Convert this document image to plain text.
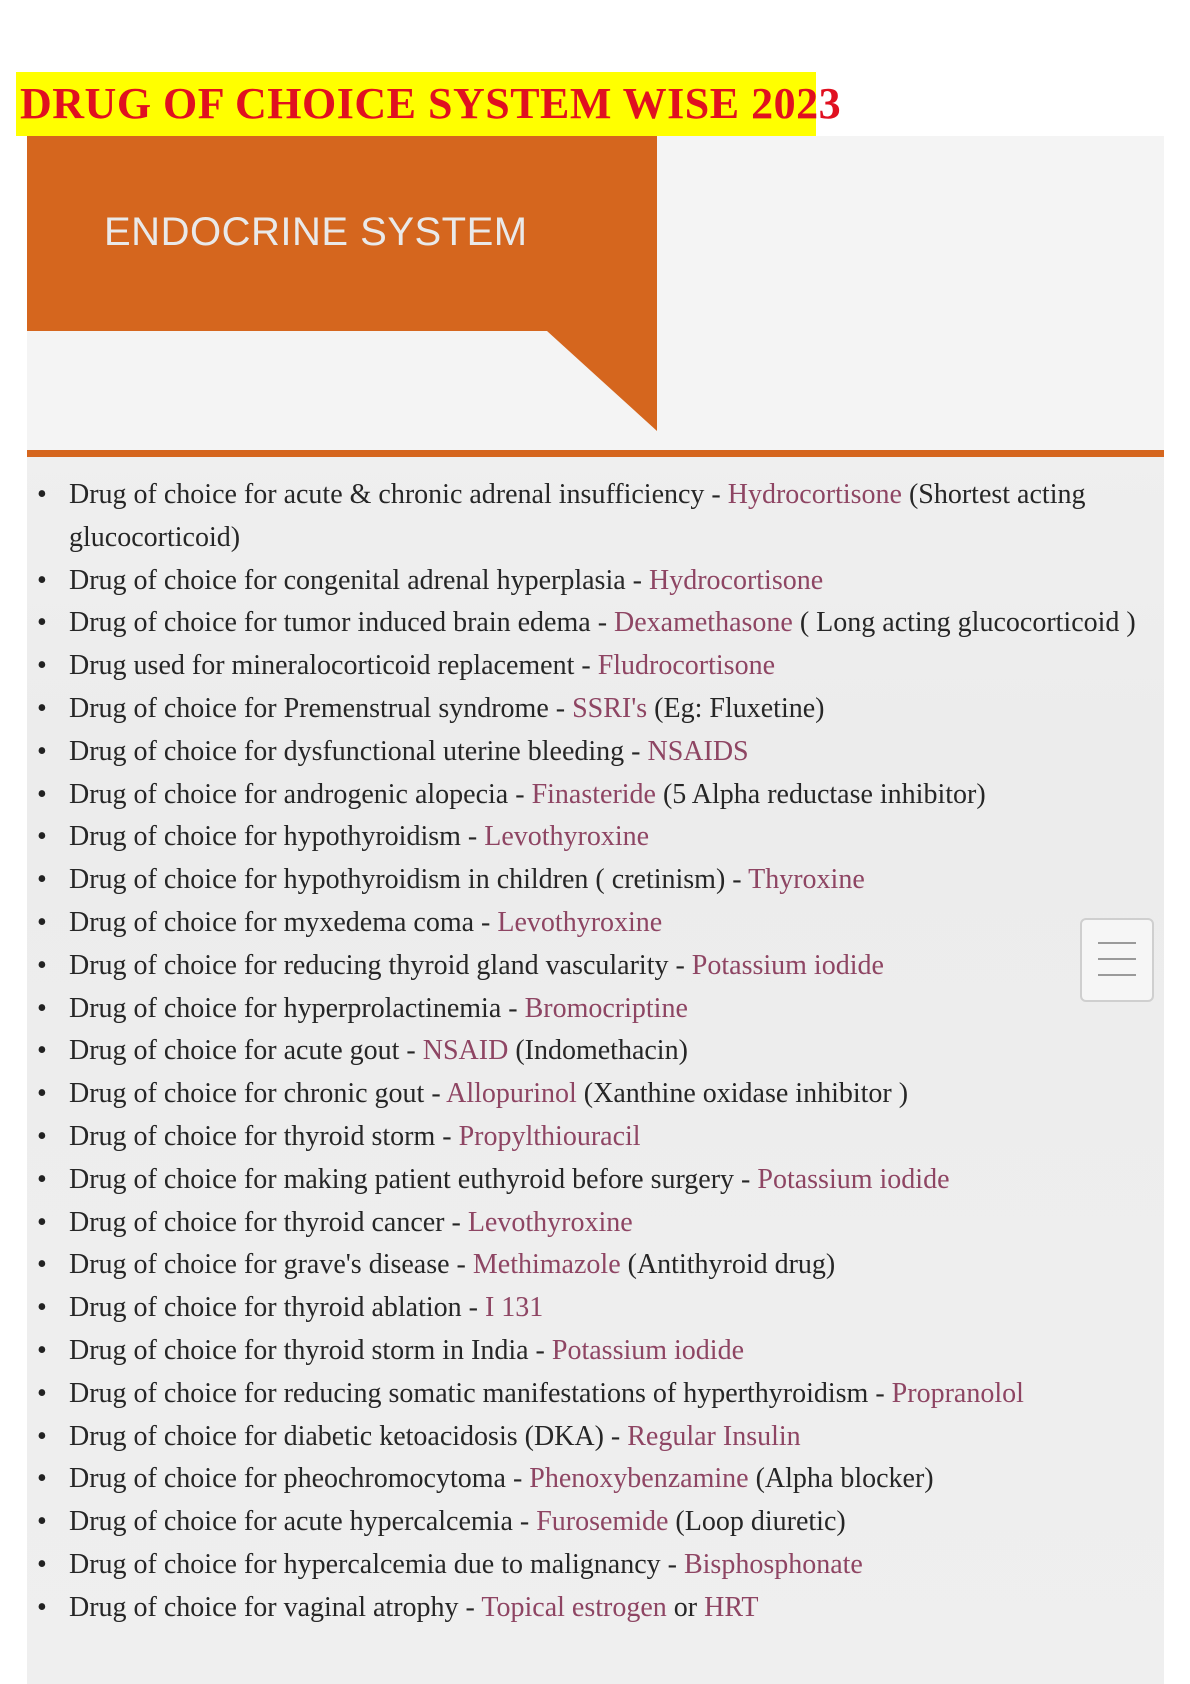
DRUG OF CHOICE SYSTEM WISE 2023
ENDOCRINE SYSTEM
• Drug of choice for acute & chronic adrenal insufficiency - Hydrocortisone (Shortest acting glucocorticoid)
• Drug of choice for congenital adrenal hyperplasia - Hydrocortisone
• Drug of choice for tumor induced brain edema - Dexamethasone ( Long acting glucocorticoid )
• Drug used for mineralocorticoid replacement - Fludrocortisone
• Drug of choice for Premenstrual syndrome - SSRI's (Eg: Fluxetine)
• Drug of choice for dysfunctional uterine bleeding - NSAIDS
• Drug of choice for androgenic alopecia - Finasteride (5 Alpha reductase inhibitor)
• Drug of choice for hypothyroidism - Levothyroxine
• Drug of choice for hypothyroidism in children ( cretinism) - Thyroxine
• Drug of choice for myxedema coma - Levothyroxine
• Drug of choice for reducing thyroid gland vascularity - Potassium iodide
• Drug of choice for hyperprolactinemia - Bromocriptine
• Drug of choice for acute gout - NSAID (Indomethacin)
• Drug of choice for chronic gout - Allopurinol (Xanthine oxidase inhibitor )
• Drug of choice for thyroid storm - Propylthiouracil
• Drug of choice for making patient euthyroid before surgery - Potassium iodide
• Drug of choice for thyroid cancer - Levothyroxine
• Drug of choice for grave's disease - Methimazole (Antithyroid drug)
• Drug of choice for thyroid ablation - I 131
• Drug of choice for thyroid storm in India - Potassium iodide
• Drug of choice for reducing somatic manifestations of hyperthyroidism - Propranolol
• Drug of choice for diabetic ketoacidosis (DKA) - Regular Insulin
• Drug of choice for pheochromocytoma - Phenoxybenzamine (Alpha blocker)
• Drug of choice for acute hypercalcemia - Furosemide (Loop diuretic)
• Drug of choice for hypercalcemia due to malignancy - Bisphosphonate
• Drug of choice for vaginal atrophy - Topical estrogen or HRT
